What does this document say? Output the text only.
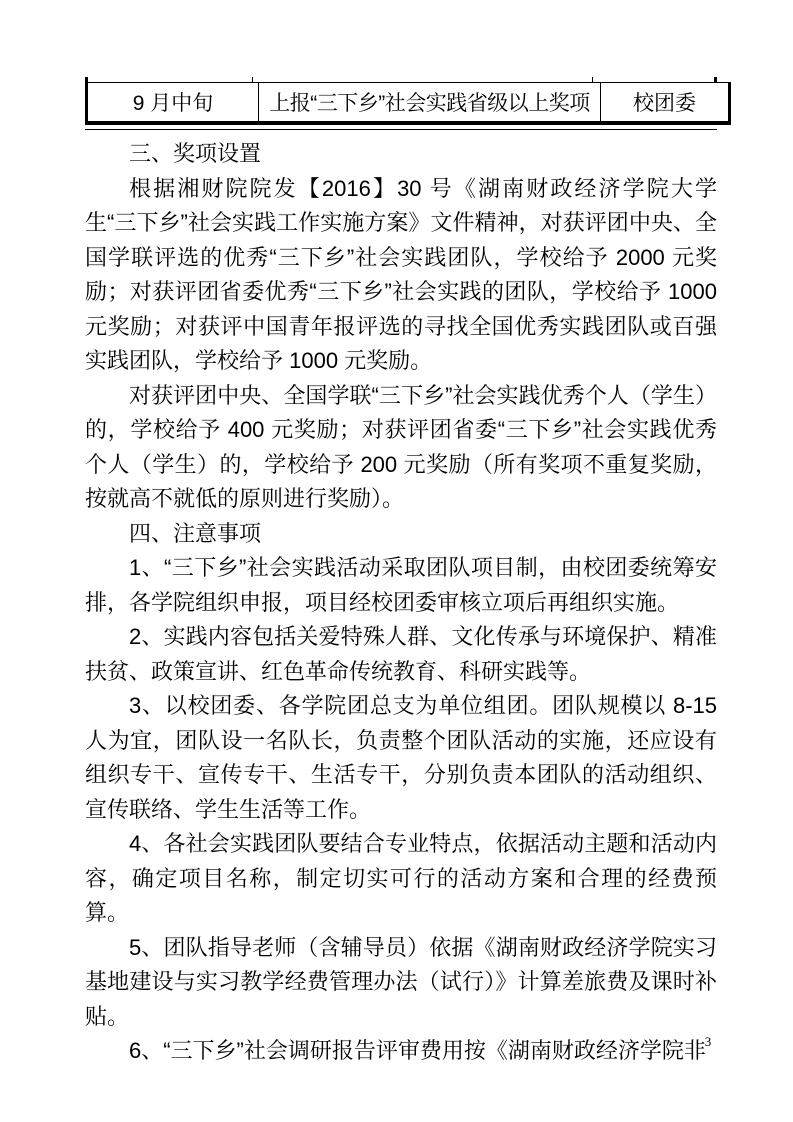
9 月中旬	上报“三下乡”社会实践省级以上奖项	校团委

三、奖项设置

根据湘财院院发【2016】30 号《湖南财政经济学院大学生“三下乡”社会实践工作实施方案》文件精神，对获评团中央、全国学联评选的优秀“三下乡”社会实践团队，学校给予 2000 元奖励；对获评团省委优秀“三下乡”社会实践的团队，学校给予 1000 元奖励；对获评中国青年报评选的寻找全国优秀实践团队或百强实践团队，学校给予 1000 元奖励。

对获评团中央、全国学联“三下乡”社会实践优秀个人（学生）的，学校给予 400 元奖励；对获评团省委“三下乡”社会实践优秀个人（学生）的，学校给予 200 元奖励（所有奖项不重复奖励，按就高不就低的原则进行奖励）。

四、注意事项

1、“三下乡”社会实践活动采取团队项目制，由校团委统筹安排，各学院组织申报，项目经校团委审核立项后再组织实施。

2、实践内容包括关爱特殊人群、文化传承与环境保护、精准扶贫、政策宣讲、红色革命传统教育、科研实践等。

3、以校团委、各学院团总支为单位组团。团队规模以 8-15 人为宜，团队设一名队长，负责整个团队活动的实施，还应设有组织专干、宣传专干、生活专干，分别负责本团队的活动组织、宣传联络、学生生活等工作。

4、各社会实践团队要结合专业特点，依据活动主题和活动内容，确定项目名称，制定切实可行的活动方案和合理的经费预算。

5、团队指导老师（含辅导员）依据《湖南财政经济学院实习基地建设与实习教学经费管理办法（试行）》计算差旅费及课时补贴。

6、“三下乡”社会调研报告评审费用按《湖南财政经济学院非

3
